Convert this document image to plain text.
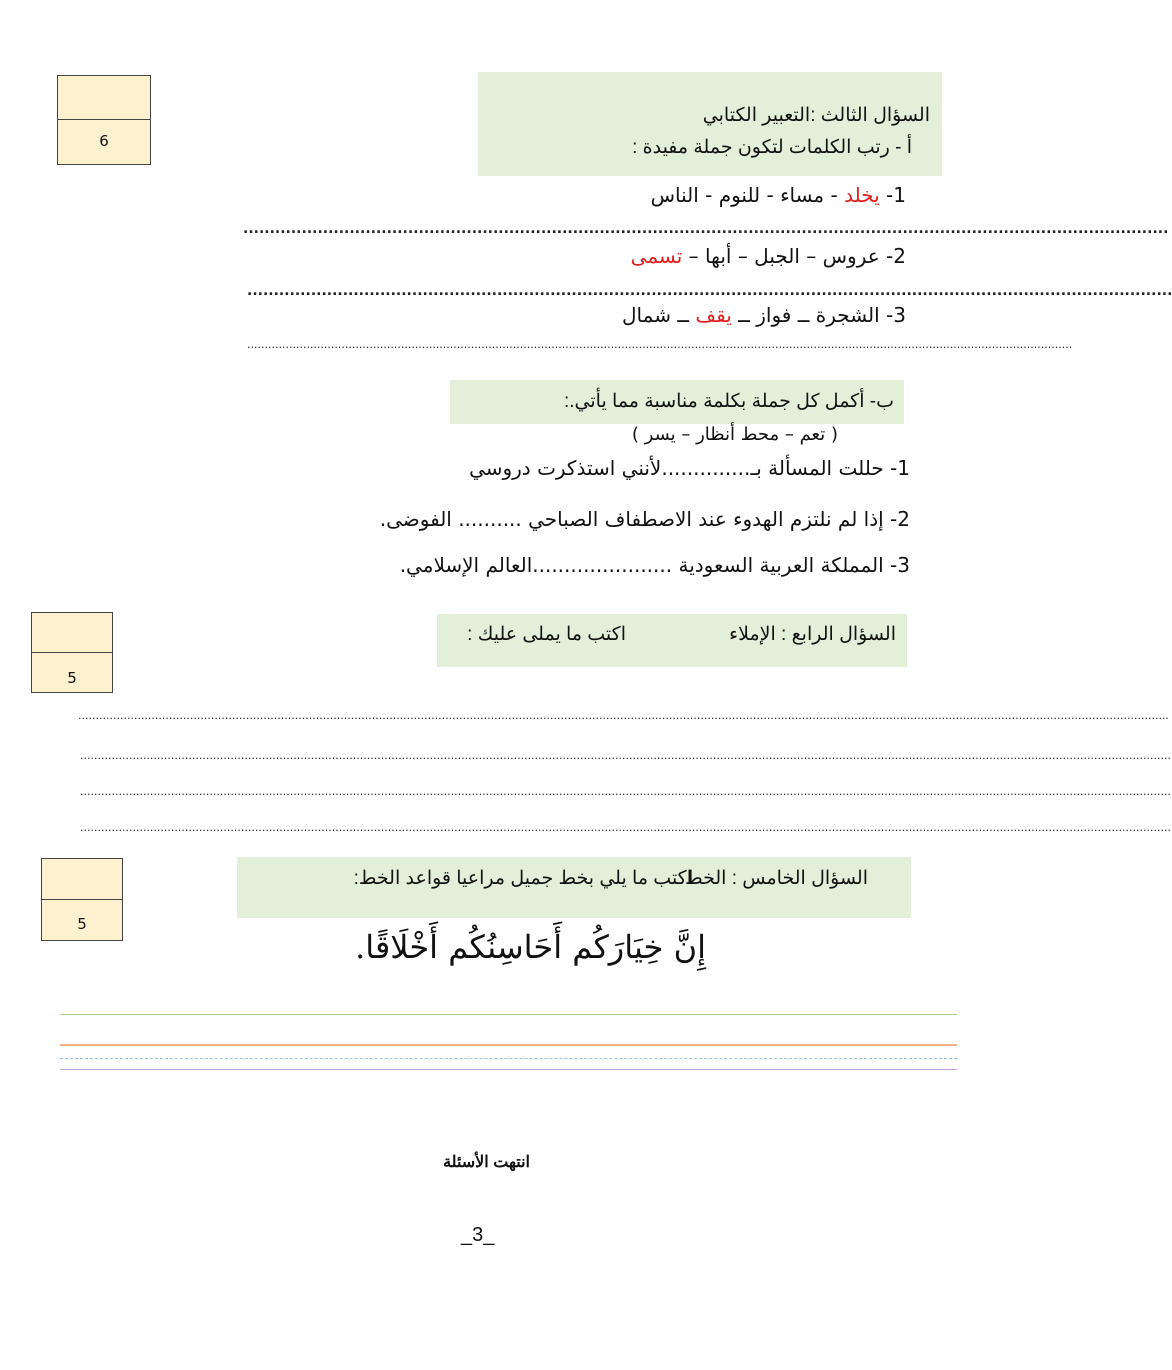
6
5
5
السؤال الثالث :التعبير الكتابي
أ - رتب الكلمات لتكون جملة مفيدة :
1- يخلد - مساء - للنوم - الناس
..............................................................................................................................................................................
2- عروس – الجبل – أبها – تسمى
..............................................................................................................................................................................
3- الشجرة ــ فواز ــ يقف ــ شمال
............................................................................................................................................................................................................................................
ب- أكمل كل جملة بكلمة مناسبة مما يأتي.:
( تعم – محط أنظار – يسر )
1- حللت المسألة بـ..............لأنني استذكرت دروسي
2- إذا لم نلتزم الهدوء عند الاصطفاف الصباحي .......... الفوضى.
3- المملكة العربية السعودية ......................العالم الإسلامي.
السؤال الرابع : الإملاء
اكتب ما يملى عليك :
........................................................................................................................................................................................................................................................................................................................
........................................................................................................................................................................................................................................................................................................................
........................................................................................................................................................................................................................................................................................................................
........................................................................................................................................................................................................................................................................................................................
السؤال الخامس : الخط
اكتب ما يلي بخط جميل مراعيا قواعد الخط:
إِنَّ خِيَارَكُم أَحَاسِنُكُم أَخْلَاقًا.
انتهت الأسئلة
_3_
